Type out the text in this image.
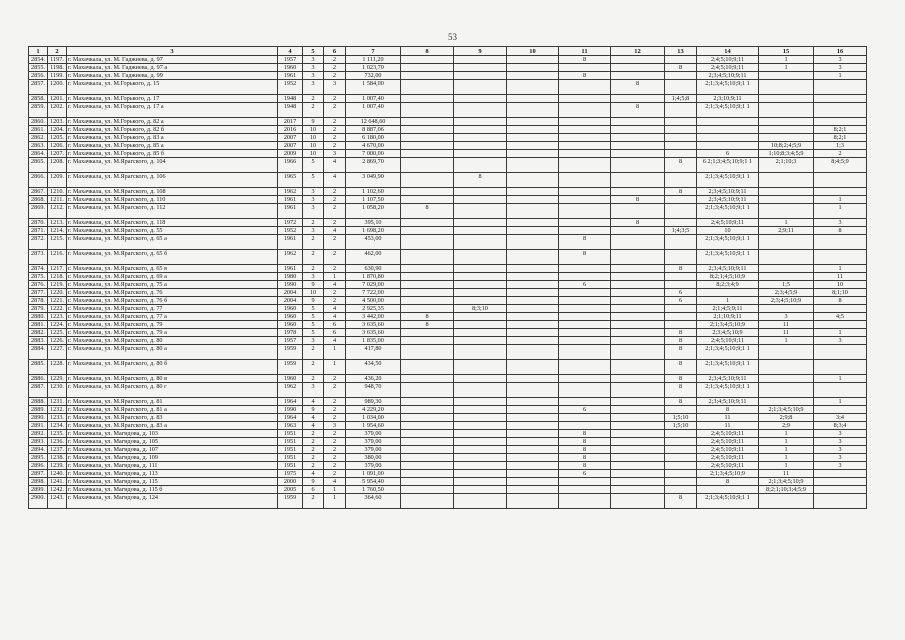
53
1	2	3	4	5	6	7	8	9	10	11	12	13	14	15	16
2854.	1197.	г. Махачкала, ул. М. Гаджиева, д. 97	1957	3	2	1 111,20				8			2;4;5;10;9;11	1	3
2855.	1198.	г. Махачкала, ул. М. Гаджиева, д. 97 а	1960	3	2	1 023,70						8	2;4;5;10;9;11	1	3
2856.	1199.	г. Махачкала, ул. М. Гаджиева, д. 99	1961	3	2	732,00				8			2;3;4;5;10;9;11		1
2857.	1200.	г. Махачкала, ул. М.Горького, д. 15	1952	3	3	1 584,00					8		2;1;3;4;5;10;9;1 1		
2858.	1201.	г. Махачкала, ул. М.Горького, д. 17	1948	2	2	1 007,40						1;4;5;8	2;3;10;9;11		
2859.	1202.	г. Махачкала, ул. М.Горького, д. 17 а	1948	2	2	1 007,40					8		2;1;3;4;5;10;9;1 1		
2860.	1203.	г. Махачкала, ул. М.Горького, д. 82 а	2017	9	2	12 648,60									
2861.	1204.	г. Махачкала, ул. М.Горького, д. 82 б	2016	10	2	8 887,06									8;2;1
2862.	1205.	г. Махачкала, ул. М.Горького, д. 83 а	2007	10	2	6 180,00									8;2;1
2863.	1206.	г. Махачкала, ул. М.Горького, д. 85 а	2007	10	2	4 670,00								10;8;2;4;5;9	1;3
2864.	1207.	г. Махачкала, ул. М.Горького, д. 85 б	2009	10	3	7 000,00							6	1;10;8;3;4;5;9	2
2865.	1208.	г. Махачкала, ул. М.Ярагского, д. 104	1966	5	4	2 869,70						8	6 2;1;3;4;5;10;9;1 1	2;1;10;3	8;4;5;9
2866.	1209.	г. Махачкала, ул. М.Ярагского, д. 106	1965	5	4	3 049,90		8					2;1;3;4;5;10;9;1 1		
2867.	1210.	г. Махачкала, ул. М.Ярагского, д. 108	1962	3	2	1 102,60						8	2;3;4;5;10;9;11		
2868.	1211.	г. Махачкала, ул. М.Ярагского, д. 110	1961	3	2	1 107,50					8		2;3;4;5;10;9;11		1
2869.	1212.	г. Махачкала, ул. М.Ярагского, д. 112	1961	3	2	1 058,20	8						2;1;3;4;5;10;9;1 1		1
2870.	1213.	г. Махачкала, ул. М.Ярагского, д. 118	1972	2	2	395,10					8		2;4;5;10;9;11	1	3
2871.	1214.	г. Махачкала, ул. М.Ярагского, д. 55	1952	3	4	1 698,20						1;4;3;5	10	2;9;11	8
2872.	1215.	г. Махачкала, ул. М.Ярагского, д. 65 а	1961	2	2	453,00				8			2;1;3;4;5;10;9;1 1		
2873.	1216.	г. Махачкала, ул. М.Ярагского, д. 65 б	1962	2	2	462,00				8			2;1;3;4;5;10;9;1 1		
2874.	1217.	г. Махачкала, ул. М.Ярагского, д. 65 в	1961	2	2	630,90						8	2;3;4;5;10;9;11		1
2875.	1218.	г. Махачкала, ул. М.Ярагского, д. 69 а	1980	3	1	1 870,80							8;2;1;4;5;10;9		11
2876.	1219.	г. Махачкала, ул. М.Ярагского, д. 75 а	1990	9	4	7 029,00				6			8;2;3;4;9	1;5	10
2877.	1220.	г. Махачкала, ул. М.Ярагского, д. 76	2004	10	2	7 722,00						6		2;3;4;5;9	8;1;10
2878.	1221.	г. Махачкала, ул. М.Ярагского, д. 76 б	2004	9	2	4 500,00						6	1	2;3;4;5;10;9	8
2879.	1222.	г. Махачкала, ул. М.Ярагского, д. 77	1960	5	4	2 925,35		8;3;10					2;1;4;5;9;11		
2880.	1223.	г. Махачкала, ул. М.Ярагского, д. 77 а	1960	5	4	3 442,00	8						2;1;10;9;11	3	4;5
2881.	1224.	г. Махачкала, ул. М.Ярагского, д. 79	1960	5	6	3 635,60	8						2;1;3;4;5;10;9	11	
2882.	1225.	г. Махачкала, ул. М.Ярагского, д. 79 а	1978	5	6	3 635,60						8	2;3;4;5;10;9	11	1
2883.	1226.	г. Махачкала, ул. М.Ярагского, д. 80	1957	3	4	1 835,00						8	2;4;5;10;9;11	1	3
2884.	1227.	г. Махачкала, ул. М.Ярагского, д. 80 а	1959	2	1	417,80						8	2;1;3;4;5;10;9;1 1		
2885.	1228.	г. Махачкала, ул. М.Ярагского, д. 80 б	1959	2	1	434,50						8	2;1;3;4;5;10;9;1 1		
2886.	1229.	г. Махачкала, ул. М.Ярагского, д. 80 в	1960	2	2	436,20						8	2;3;4;5;10;9;11		1
2887.	1230.	г. Махачкала, ул. М.Ярагского, д. 80 г	1962	3	2	948,70						8	2;1;3;4;5;10;9;1 1		
2888.	1231.	г. Махачкала, ул. М.Ярагского, д. 81	1964	4	2	989,30						8	2;3;4;5;10;9;11		1
2889.	1232.	г. Махачкала, ул. М.Ярагского, д. 81 а	1990	9	2	4 229,20				6			8	2;1;3;4;5;10;9	
2890.	1233.	г. Махачкала, ул. М.Ярагского, д. 83	1964	4	2	1 034,00						1;5;10	11	2;9;8	3;4
2891.	1234.	г. Махачкала, ул. М.Ярагского, д. 83 а	1963	4	3	1 954,60						1;5;10	11	2;9	8;3;4
2892.	1235.	г. Махачкала, ул. Магидова, д. 103	1951	2	2	379,00				8			2;4;5;10;9;11	1	3
2893.	1236.	г. Махачкала, ул. Магидова, д. 105	1951	2	2	379,00				8			2;4;5;10;9;11	1	3
2894.	1237.	г. Махачкала, ул. Магидова, д. 107	1951	2	2	379,00				8			2;4;5;10;9;11	1	3
2895.	1238.	г. Махачкала, ул. Магидова, д. 109	1951	2	2	380,00				8			2;4;5;10;9;11	1	3
2896.	1239.	г. Махачкала, ул. Магидова, д. 111	1951	2	2	379,00				8			2;4;5;10;9;11	1	3
2897.	1240.	г. Махачкала, ул. Магидова, д. 113	1975	4	2	1 091,00				6			2;1;3;4;5;10;9	11	
2898.	1241.	г. Махачкала, ул. Магидова, д. 115	2000	9	4	5 954,40							8	2;1;3;4;5;10;9	
2899.	1242.	г. Махачкала, ул. Магидова, д. 115 б	2005	6	1	1 760,50								8;2;1;10;3;4;5;9	
2900.	1243.	г. Махачкала, ул. Магидова, д. 124	1959	2	1	364,60						8	2;1;3;4;5;10;9;1 1		
